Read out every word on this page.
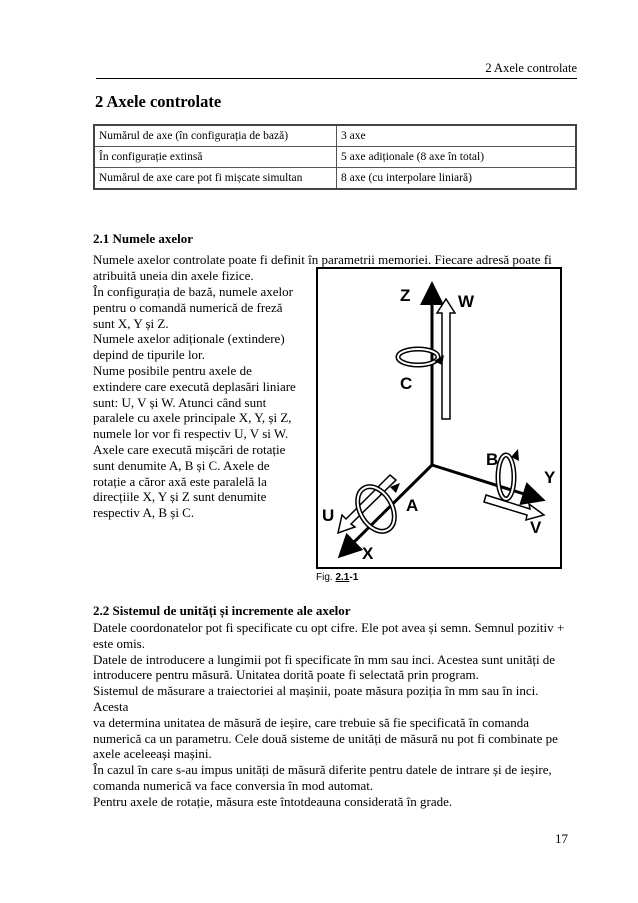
2 Axele controlate
2 Axele controlate
Numărul de axe (în configurația de bază)	3 axe
În configurație extinsă	5 axe adiționale (8 axe în total)
Numărul de axe care pot fi mișcate simultan	8 axe (cu interpolare liniară)
2.1 Numele axelor

Numele axelor controlate poate fi definit în parametrii memoriei. Fiecare adresă poate fi atribuită uneia din axele fizice.

În configurația de bază, numele axelor
pentru o comandă numerică de freză
sunt X, Y și Z.
Numele axelor adiționale (extindere)
depind de tipurile lor.
Nume posibile pentru axele de
extindere care execută deplasări liniare
sunt: U, V și W. Atunci când sunt
paralele cu axele principale X, Y, și Z,
numele lor vor fi respectiv U, V si W.
Axele care execută mișcări de rotație
sunt denumite A, B și C. Axele de
rotație a căror axă este paralelă la
direcțiile X, Y și Z sunt denumite
respectiv A, B și C.
Z	W
C
B
Y
V
U
A
X
Fig. 2.1-1
2.2 Sistemul de unități și incremente ale axelor
Datele coordonatelor pot fi specificate cu opt cifre. Ele pot avea și semn. Semnul pozitiv +
este omis.
Datele de introducere a lungimii pot fi specificate în mm sau inci. Acestea sunt unități de
introducere pentru măsură. Unitatea dorită poate fi selectată prin program.
Sistemul de măsurare a traiectoriei al mașinii, poate măsura poziția în mm sau în inci. Acesta
va determina unitatea de măsură de ieșire, care trebuie să fie specificată în comanda
numerică ca un parametru. Cele două sisteme de unități de măsură nu pot fi combinate pe
axele aceleeași mașini.
În cazul în care s-au impus unități de măsură diferite pentru datele de intrare și de ieșire,
comanda numerică va face conversia în mod automat.
Pentru axele de rotație, măsura este întotdeauna considerată în grade.
17
